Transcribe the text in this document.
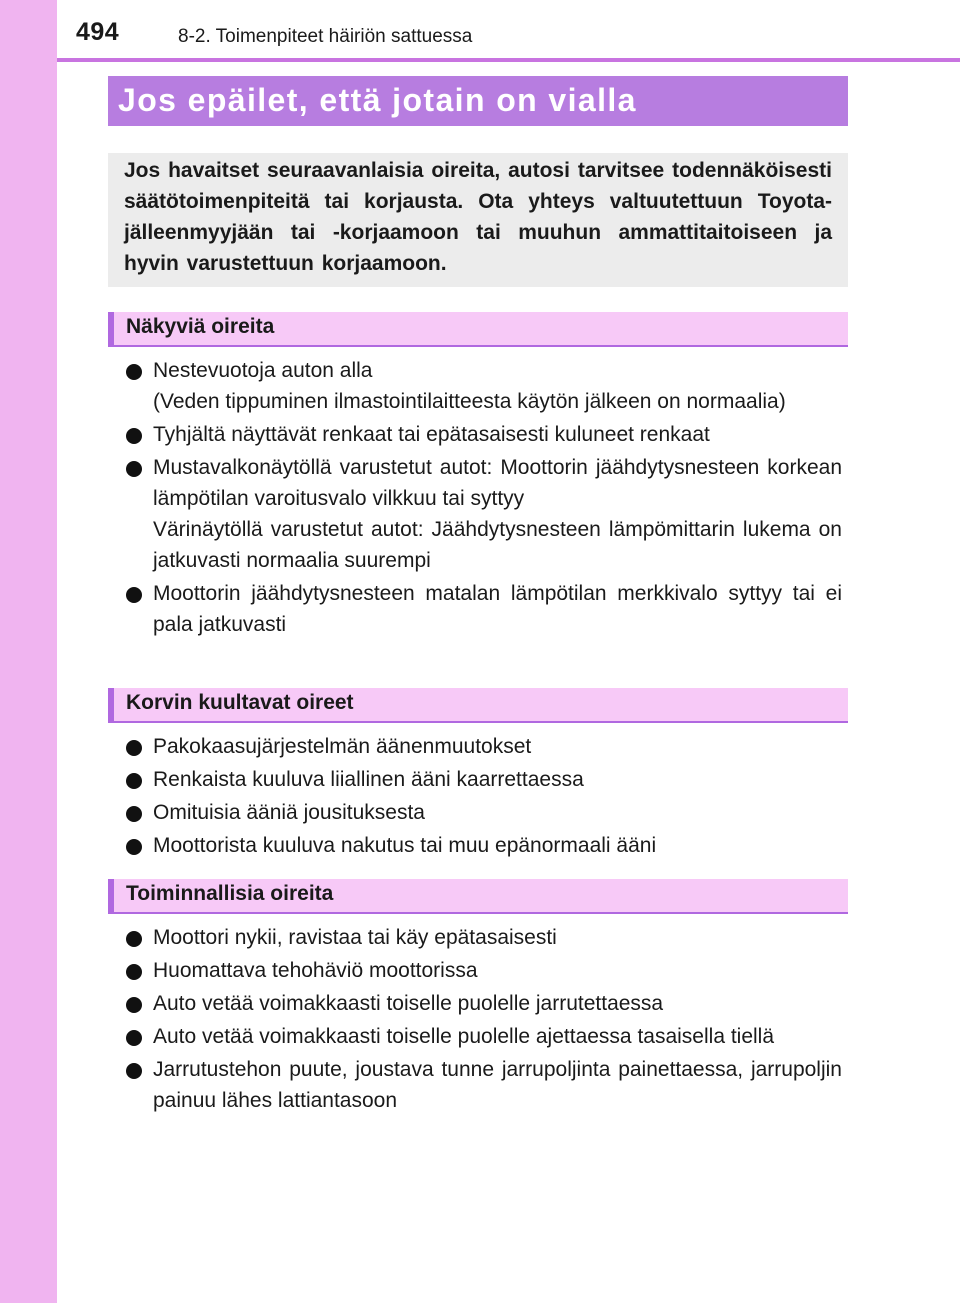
494	8-2. Toimenpiteet häiriön sattuessa
Jos epäilet, että jotain on vialla

Jos havaitset seuraavanlaisia oireita, autosi tarvitsee todennäköisesti säätötoimenpiteitä tai korjausta. Ota yhteys valtuutettuun Toyota-jälleenmyyjään tai -korjaamoon tai muuhun ammattitaitoiseen ja hyvin varustettuun korjaamoon.

Näkyviä oireita
Nestevuotoja auton alla
(Veden tippuminen ilmastointilaitteesta käytön jälkeen on normaalia)
Tyhjältä näyttävät renkaat tai epätasaisesti kuluneet renkaat
Mustavalkonäytöllä varustetut autot: Moottorin jäähdytysnesteen korkean lämpötilan varoitusvalo vilkkuu tai syttyy
Värinäytöllä varustetut autot: Jäähdytysnesteen lämpömittarin lukema on jatkuvasti normaalia suurempi
Moottorin jäähdytysnesteen matalan lämpötilan merkkivalo syttyy tai ei pala jatkuvasti
Korvin kuultavat oireet
Pakokaasujärjestelmän äänenmuutokset
Renkaista kuuluva liiallinen ääni kaarrettaessa
Omituisia ääniä jousituksesta
Moottorista kuuluva nakutus tai muu epänormaali ääni
Toiminnallisia oireita
Moottori nykii, ravistaa tai käy epätasaisesti
Huomattava tehohäviö moottorissa
Auto vetää voimakkaasti toiselle puolelle jarrutettaessa
Auto vetää voimakkaasti toiselle puolelle ajettaessa tasaisella tiellä
Jarrutustehon puute, joustava tunne jarrupoljinta painettaessa, jarrupoljin painuu lähes lattiantasoon
